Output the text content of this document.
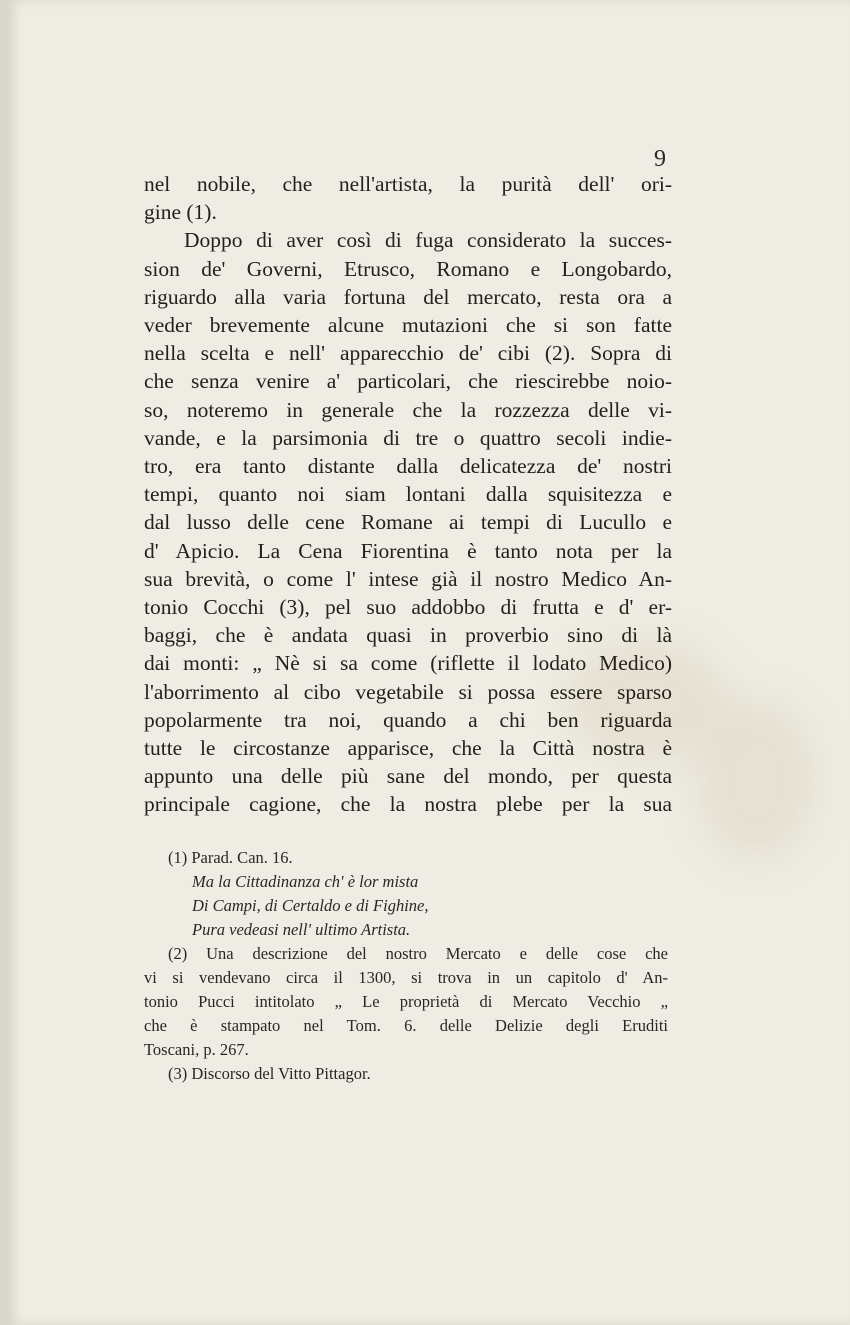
9
nel nobile, che nell'artista, la purità dell' ori-
gine (1).
Doppo di aver così di fuga considerato la succes-
sion de' Governi, Etrusco, Romano e Longobardo,
riguardo alla varia fortuna del mercato, resta ora a
veder brevemente alcune mutazioni che si son fatte
nella scelta e nell' apparecchio de' cibi (2). Sopra di
che senza venire a' particolari, che riescirebbe noio-
so, noteremo in generale che la rozzezza delle vi-
vande, e la parsimonia di tre o quattro secoli indie-
tro, era tanto distante dalla delicatezza de' nostri
tempi, quanto noi siam lontani dalla squisitezza e
dal lusso delle cene Romane ai tempi di Lucullo e
d' Apicio. La Cena Fiorentina è tanto nota per la
sua brevità, o come l' intese già il nostro Medico An-
tonio Cocchi (3), pel suo addobbo di frutta e d' er-
baggi, che è andata quasi in proverbio sino di là
dai monti: „ Nè si sa come (riflette il lodato Medico)
l'aborrimento al cibo vegetabile si possa essere sparso
popolarmente tra noi, quando a chi ben riguarda
tutte le circostanze apparisce, che la Città nostra è
appunto una delle più sane del mondo, per questa
principale cagione, che la nostra plebe per la sua
(1) Parad. Can. 16.
Ma la Cittadinanza ch' è lor mista
Di Campi, di Certaldo e di Fighine,
Pura vedeasi nell' ultimo Artista.
(2) Una descrizione del nostro Mercato e delle cose che
vi si vendevano circa il 1300, si trova in un capitolo d' An-
tonio Pucci intitolato „ Le proprietà di Mercato Vecchio „
che è stampato nel Tom. 6. delle Delizie degli Eruditi
Toscani, p. 267.
(3) Discorso del Vitto Pittagor.
